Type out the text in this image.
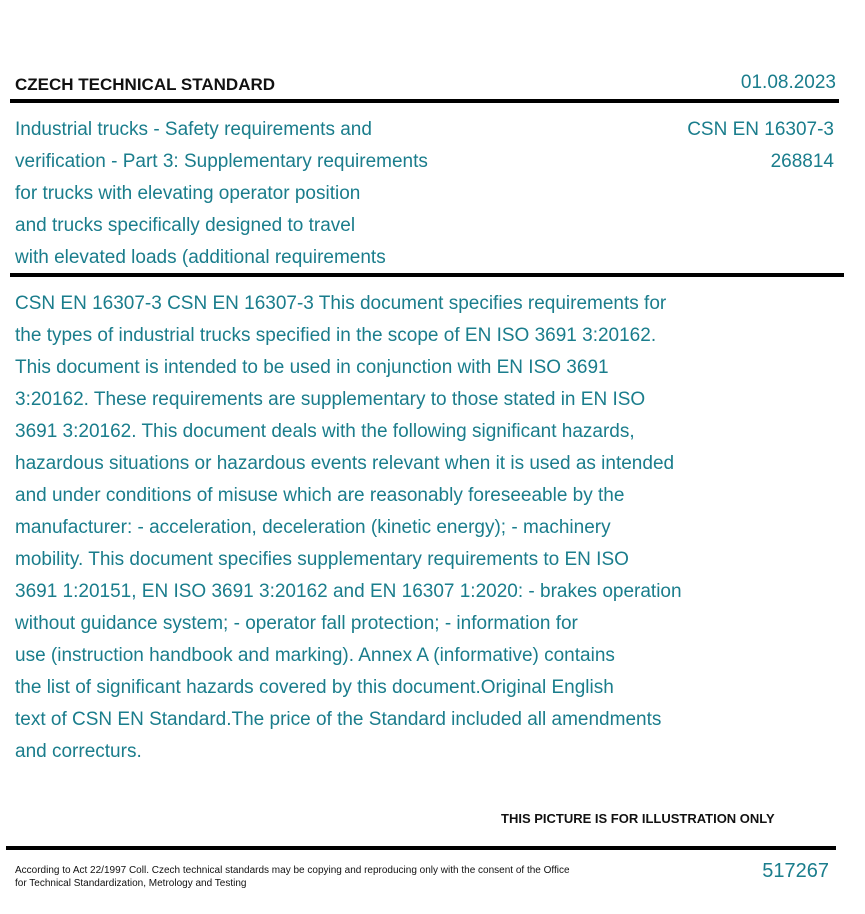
CZECH TECHNICAL STANDARD	01.08.2023
Industrial trucks - Safety requirements and
verification - Part 3: Supplementary requirements
for trucks with elevating operator position
and trucks specifically designed to travel
with elevated loads (additional requirements
CSN EN 16307-3
268814
CSN EN 16307-3 CSN EN 16307-3 This document specifies requirements for
the types of industrial trucks specified in the scope of EN ISO 3691 3:20162.
This document is intended to be used in conjunction with EN ISO 3691
3:20162. These requirements are supplementary to those stated in EN ISO
3691 3:20162. This document deals with the following significant hazards,
hazardous situations or hazardous events relevant when it is used as intended
and under conditions of misuse which are reasonably foreseeable by the
manufacturer: - acceleration, deceleration (kinetic energy); - machinery
mobility. This document specifies supplementary requirements to EN ISO
3691 1:20151, EN ISO 3691 3:20162 and EN 16307 1:2020: - brakes operation
without guidance system; - operator fall protection; - information for
use (instruction handbook and marking). Annex A (informative) contains
the list of significant hazards covered by this document.Original English
text of CSN EN Standard.The price of the Standard included all amendments
and correcturs.
THIS PICTURE IS FOR ILLUSTRATION ONLY
According to Act 22/1997 Coll. Czech technical standards may be copying and reproducing only with the consent of the Office
for Technical Standardization, Metrology and Testing
517267
